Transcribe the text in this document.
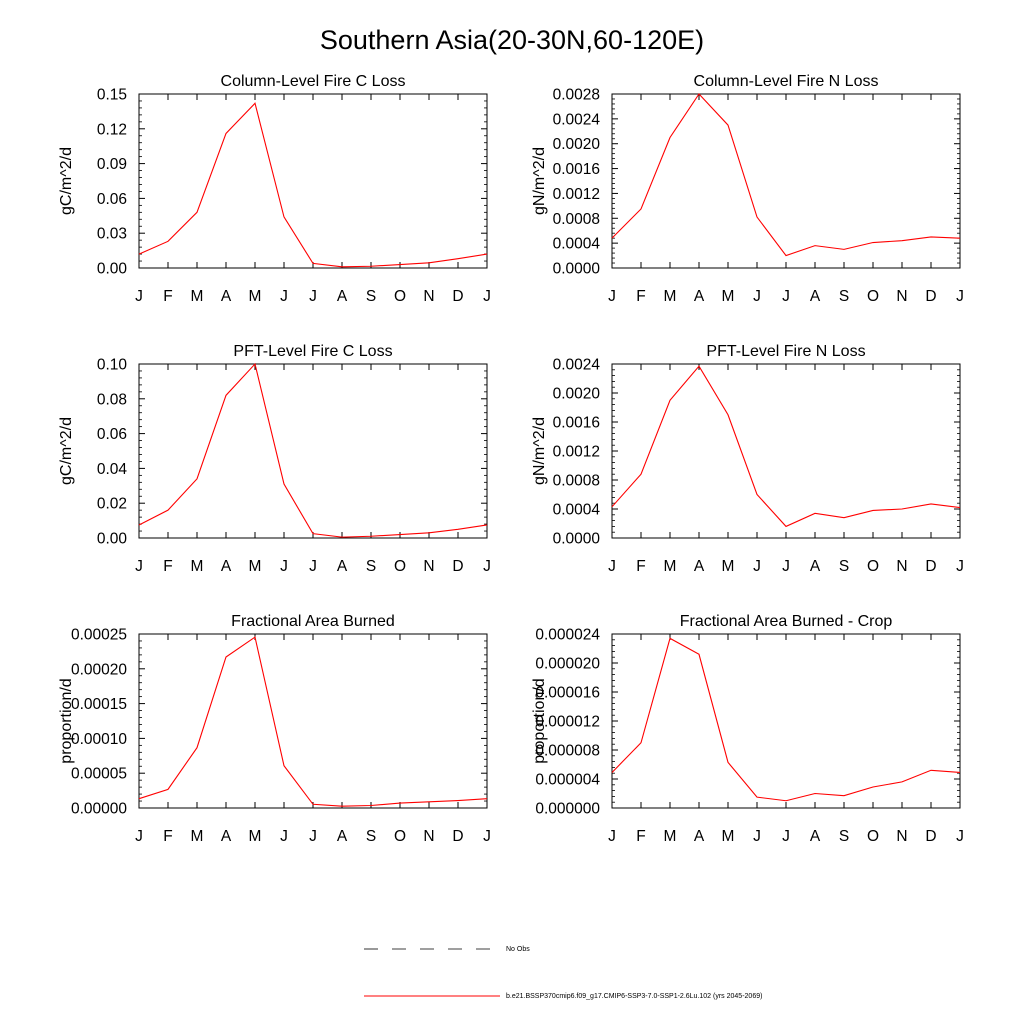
Southern Asia(20-30N,60-120E)
Column-Level Fire C Loss
gC/m^2/d
J F M A M J J A S O N D J
0.00
0.03
0.06
0.09
0.12
0.15
Column-Level Fire N Loss
gN/m^2/d
J F M A M J J A S O N D J
0.0000
0.0004
0.0008
0.0012
0.0016
0.0020
0.0024
0.0028
PFT-Level Fire C Loss
gC/m^2/d
J F M A M J J A S O N D J
0.00
0.02
0.04
0.06
0.08
0.10
PFT-Level Fire N Loss
gN/m^2/d
J F M A M J J A S O N D J
0.0000
0.0004
0.0008
0.0012
0.0016
0.0020
0.0024
Fractional Area Burned
proportion/d
J F M A M J J A S O N D J
0.00000
0.00005
0.00010
0.00015
0.00020
0.00025
Fractional Area Burned - Crop
proportion/d
J F M A M J J A S O N D J
0.000000
0.000004
0.000008
0.000012
0.000016
0.000020
0.000024
No Obs
b.e21.BSSP370cmip6.f09_g17.CMIP6-SSP3-7.0-SSP1-2.6Lu.102 (yrs 2045-2069)
